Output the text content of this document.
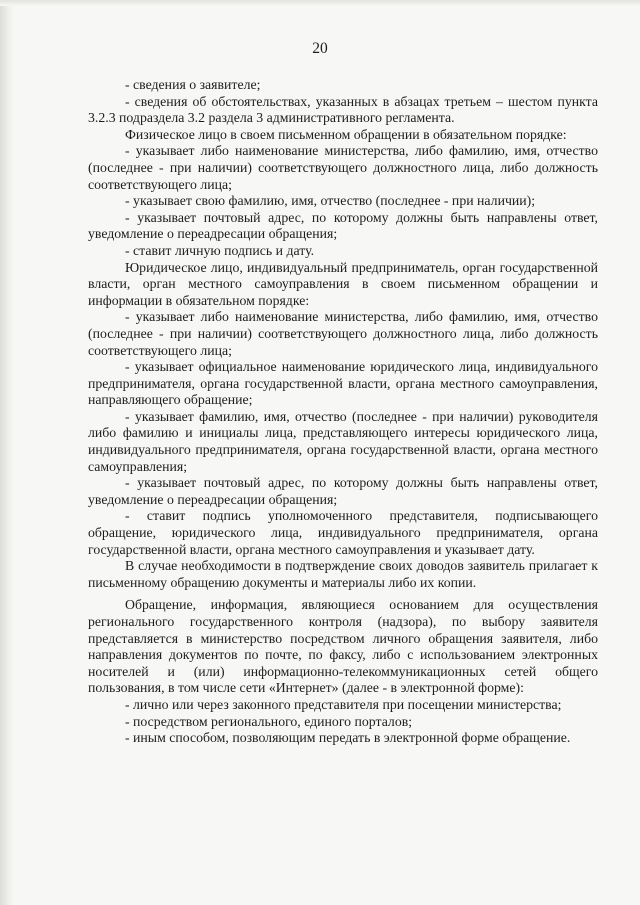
20

- сведения о заявителе;

- сведения об обстоятельствах, указанных в абзацах третьем – шестом пункта 3.2.3 подраздела 3.2 раздела 3 административного регламента.

Физическое лицо в своем письменном обращении в обязательном порядке:

- указывает либо наименование министерства, либо фамилию, имя, отчество (последнее - при наличии) соответствующего должностного лица, либо должность соответствующего лица;

- указывает свою фамилию, имя, отчество (последнее - при наличии);

- указывает почтовый адрес, по которому должны быть направлены ответ, уведомление о переадресации обращения;

- ставит личную подпись и дату.

Юридическое лицо, индивидуальный предприниматель, орган государственной власти, орган местного самоуправления в своем письменном обращении и информации в обязательном порядке:

- указывает либо наименование министерства, либо фамилию, имя, отчество (последнее - при наличии) соответствующего должностного лица, либо должность соответствующего лица;

- указывает официальное наименование юридического лица, индивидуального предпринимателя, органа государственной власти, органа местного самоуправления, направляющего обращение;

- указывает фамилию, имя, отчество (последнее - при наличии) руководителя либо фамилию и инициалы лица, представляющего интересы юридического лица, индивидуального предпринимателя, органа государственной власти, органа местного самоуправления;

- указывает почтовый адрес, по которому должны быть направлены ответ, уведомление о переадресации обращения;

- ставит подпись уполномоченного представителя, подписывающего обращение, юридического лица, индивидуального предпринимателя, органа государственной власти, органа местного самоуправления и указывает дату.

В случае необходимости в подтверждение своих доводов заявитель прилагает к письменному обращению документы и материалы либо их копии.

Обращение, информация, являющиеся основанием для осуществления регионального государственного контроля (надзора), по выбору заявителя представляется в министерство посредством личного обращения заявителя, либо направления документов по почте, по факсу, либо с использованием электронных носителей и (или) информационно-телекоммуникационных сетей общего пользования, в том числе сети «Интернет» (далее - в электронной форме):

- лично или через законного представителя при посещении министерства;

- посредством регионального, единого порталов;

- иным способом, позволяющим передать в электронной форме обращение.
